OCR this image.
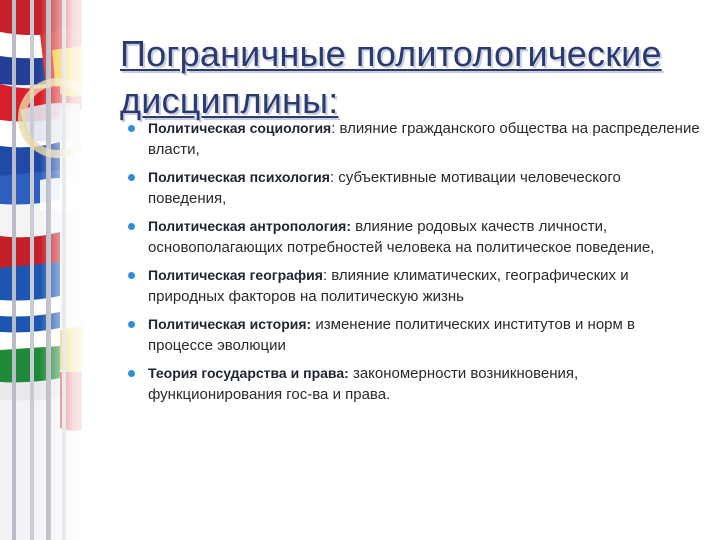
Пограничные политологические дисциплины:
Политическая социология: влияние гражданского общества на распределение власти,
Политическая психология: субъективные мотивации человеческого поведения,
Политическая антропология: влияние родовых качеств личности, основополагающих потребностей человека на политическое поведение,
Политическая география: влияние климатических, географических и природных факторов на политическую жизнь
Политическая история: изменение политических институтов и норм в процессе эволюции
Теория государства и права: закономерности возникновения, функционирования гос-ва и права.
